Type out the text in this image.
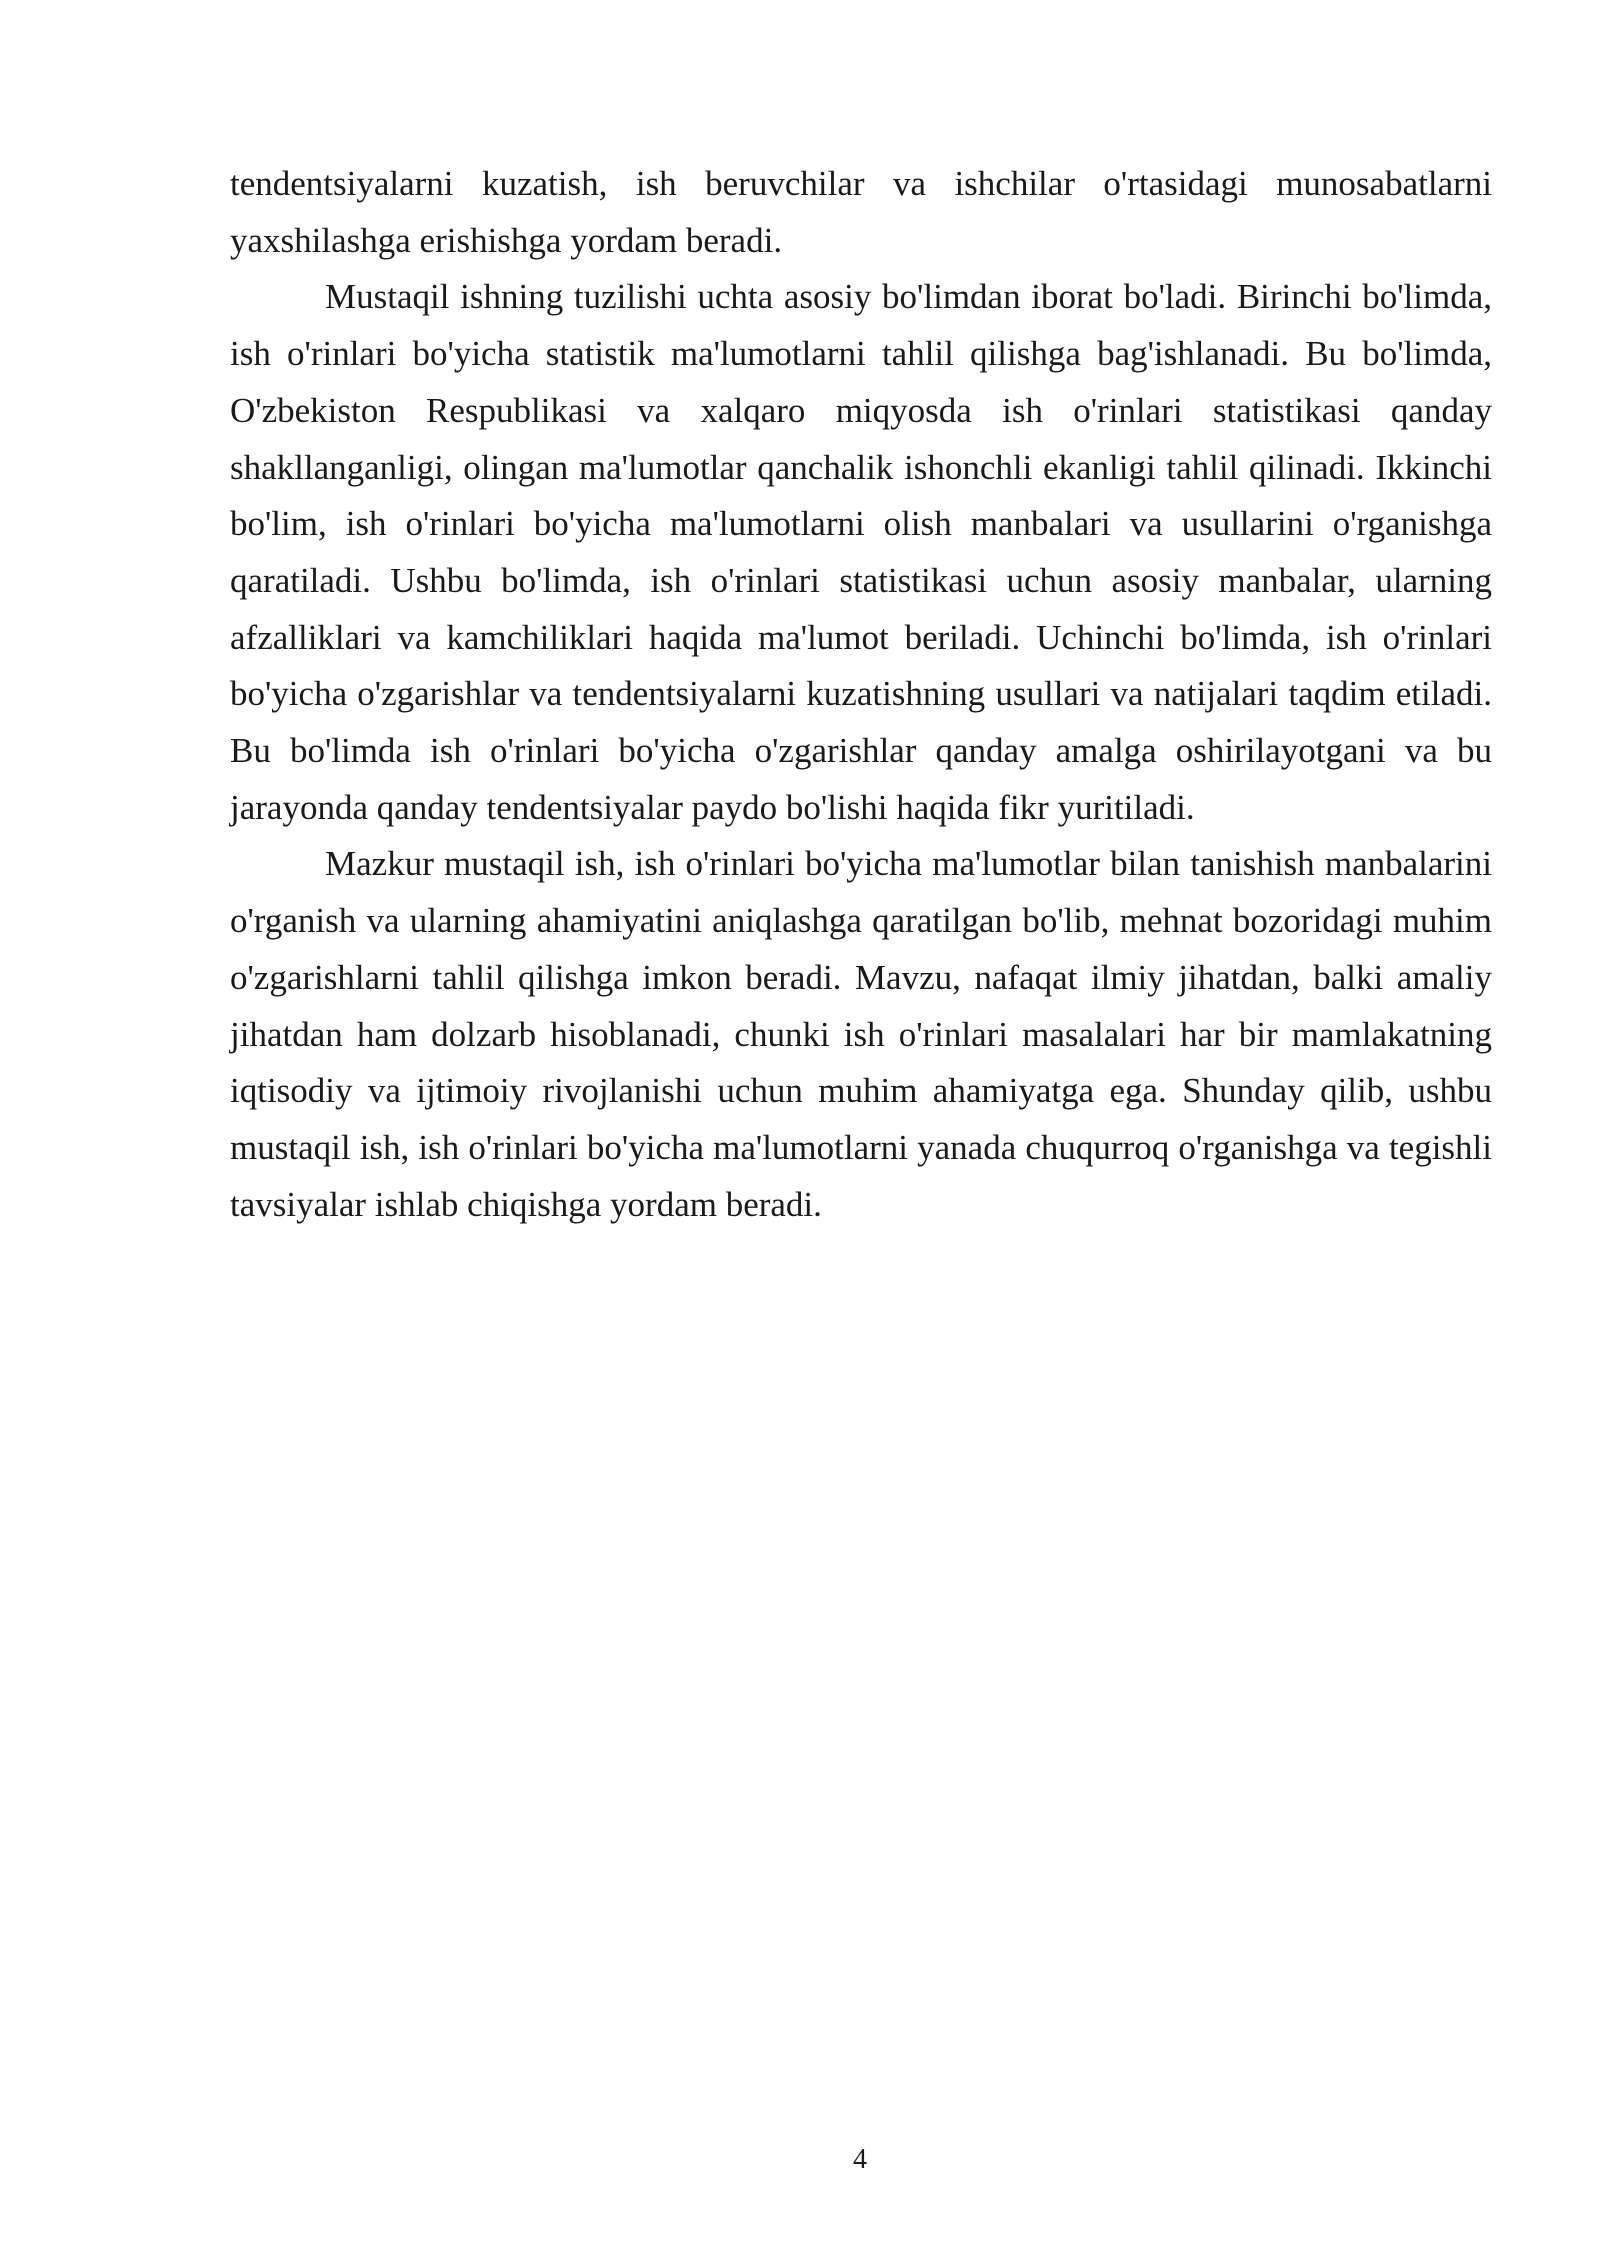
tendentsiyalarni kuzatish, ish beruvchilar va ishchilar o'rtasidagi munosabatlarni yaxshilashga erishishga yordam beradi.

Mustaqil ishning tuzilishi uchta asosiy bo'limdan iborat bo'ladi. Birinchi bo'limda, ish o'rinlari bo'yicha statistik ma'lumotlarni tahlil qilishga bag'ishlanadi. Bu bo'limda, O'zbekiston Respublikasi va xalqaro miqyosda ish o'rinlari statistikasi qanday shakllanganligi, olingan ma'lumotlar qanchalik ishonchli ekanligi tahlil qilinadi. Ikkinchi bo'lim, ish o'rinlari bo'yicha ma'lumotlarni olish manbalari va usullarini o'rganishga qaratiladi. Ushbu bo'limda, ish o'rinlari statistikasi uchun asosiy manbalar, ularning afzalliklari va kamchiliklari haqida ma'lumot beriladi. Uchinchi bo'limda, ish o'rinlari bo'yicha o'zgarishlar va tendentsiyalarni kuzatishning usullari va natijalari taqdim etiladi. Bu bo'limda ish o'rinlari bo'yicha o'zgarishlar qanday amalga oshirilayotgani va bu jarayonda qanday tendentsiyalar paydo bo'lishi haqida fikr yuritiladi.

Mazkur mustaqil ish, ish o'rinlari bo'yicha ma'lumotlar bilan tanishish manbalarini o'rganish va ularning ahamiyatini aniqlashga qaratilgan bo'lib, mehnat bozoridagi muhim o'zgarishlarni tahlil qilishga imkon beradi. Mavzu, nafaqat ilmiy jihatdan, balki amaliy jihatdan ham dolzarb hisoblanadi, chunki ish o'rinlari masalalari har bir mamlakatning iqtisodiy va ijtimoiy rivojlanishi uchun muhim ahamiyatga ega. Shunday qilib, ushbu mustaqil ish, ish o'rinlari bo'yicha ma'lumotlarni yanada chuqurroq o'rganishga va tegishli tavsiyalar ishlab chiqishga yordam beradi.

4
